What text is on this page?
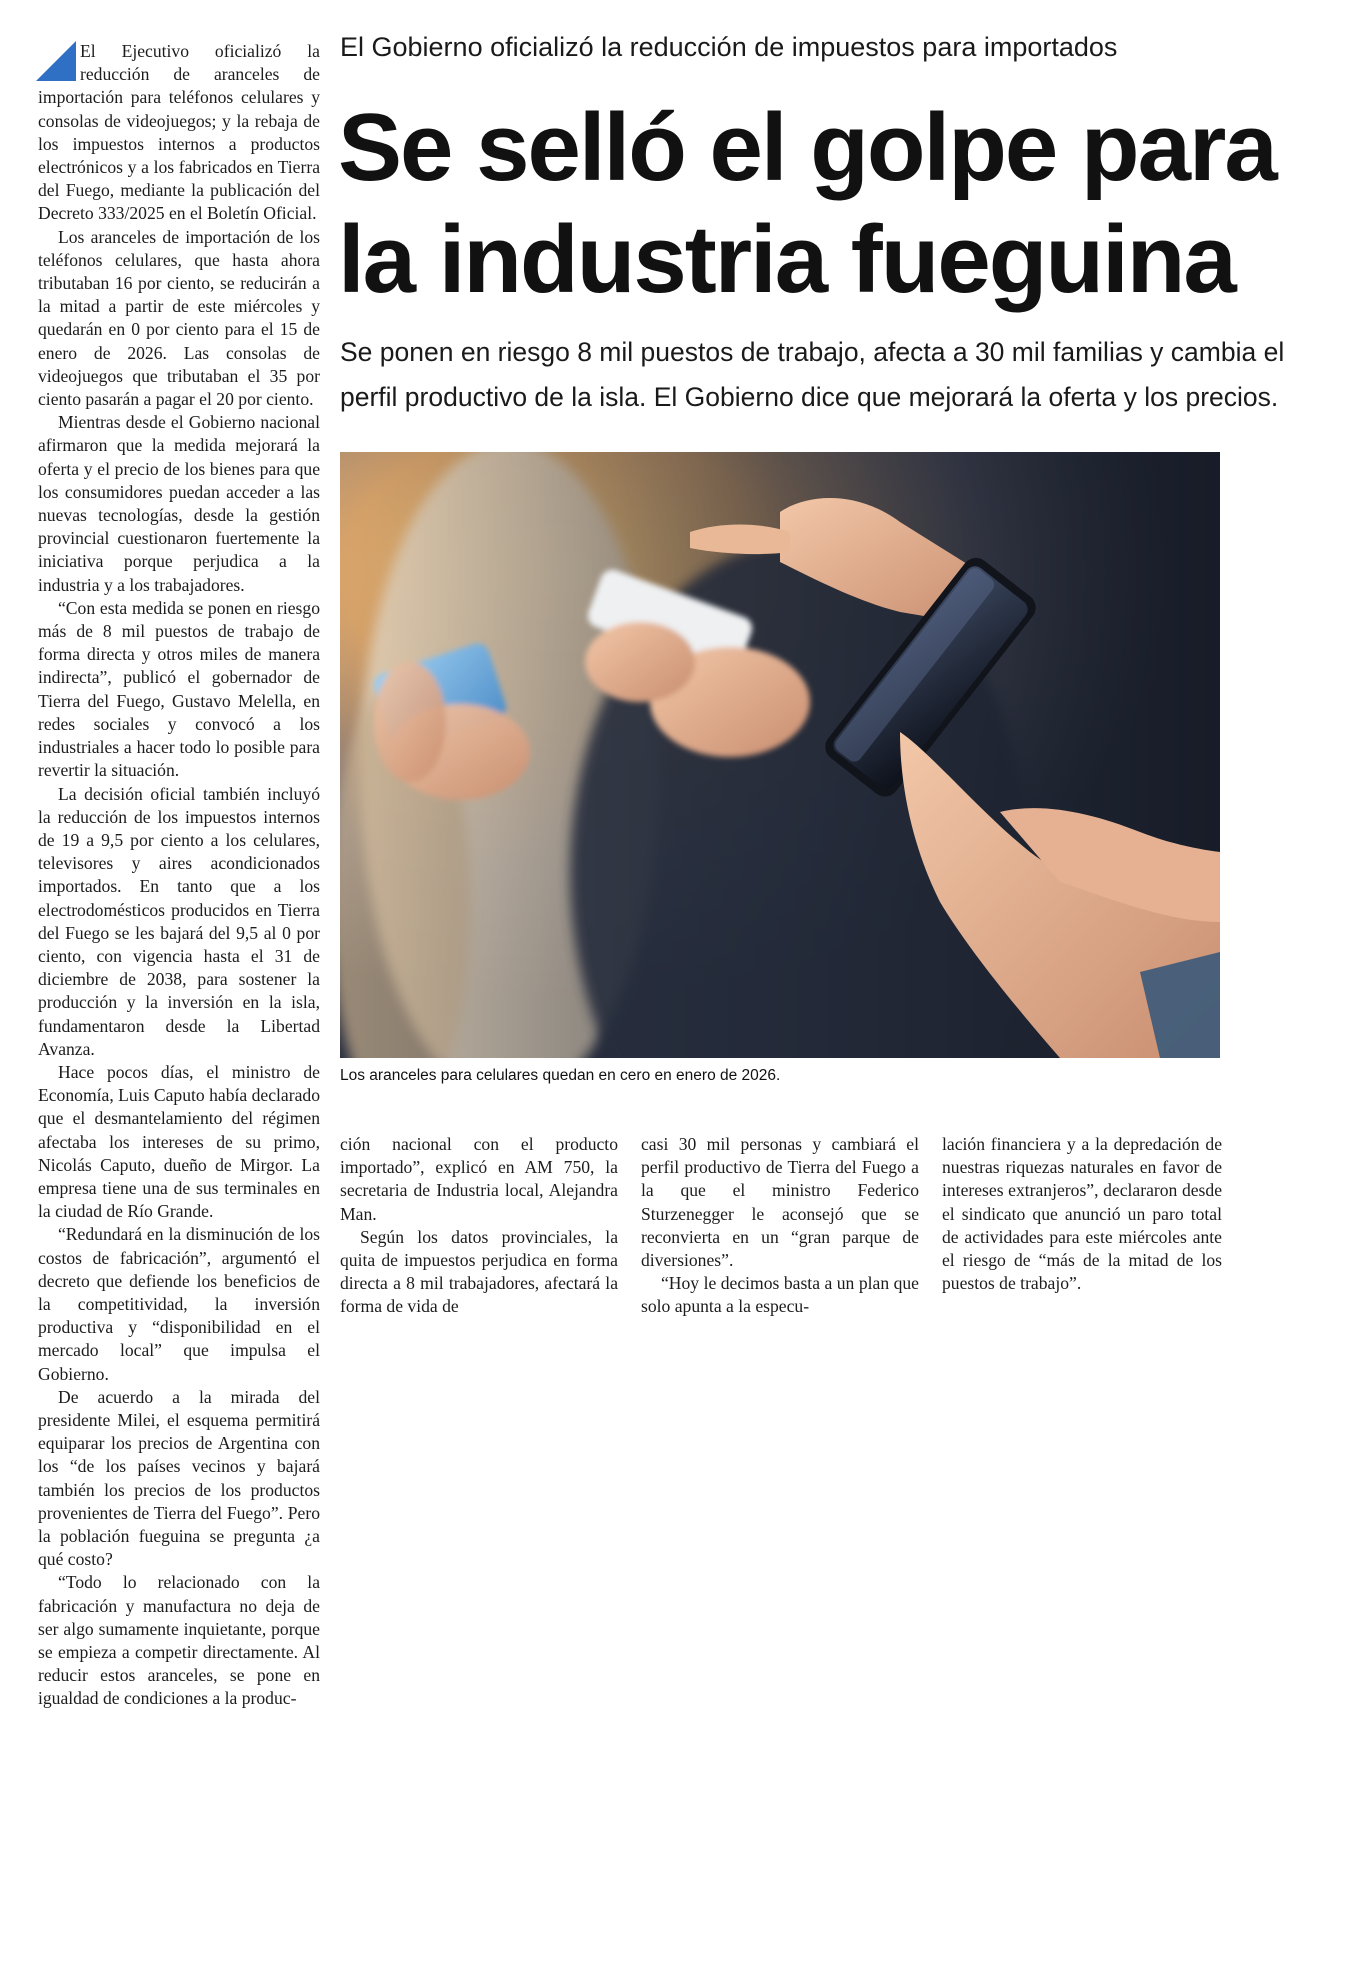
El Ejecutivo oficializó la reducción de aranceles de importación para teléfonos celulares y consolas de videojuegos; y la rebaja de los impuestos internos a productos electrónicos y a los fabricados en Tierra del Fuego, mediante la publicación del Decreto 333/2025 en el Boletín Oficial.

Los aranceles de importación de los teléfonos celulares, que hasta ahora tributaban 16 por ciento, se reducirán a la mitad a partir de este miércoles y quedarán en 0 por ciento para el 15 de enero de 2026. Las consolas de videojuegos que tributaban el 35 por ciento pasarán a pagar el 20 por ciento.

Mientras desde el Gobierno nacional afirmaron que la medida mejorará la oferta y el precio de los bienes para que los consumidores puedan acceder a las nuevas tecnologías, desde la gestión provincial cuestionaron fuertemente la iniciativa porque perjudica a la industria y a los trabajadores.

“Con esta medida se ponen en riesgo más de 8 mil puestos de trabajo de forma directa y otros miles de manera indirecta”, publicó el gobernador de Tierra del Fuego, Gustavo Melella, en redes sociales y convocó a los industriales a hacer todo lo posible para revertir la situación.

La decisión oficial también incluyó la reducción de los impuestos internos de 19 a 9,5 por ciento a los celulares, televisores y aires acondicionados importados. En tanto que a los electrodomésticos producidos en Tierra del Fuego se les bajará del 9,5 al 0 por ciento, con vigencia hasta el 31 de diciembre de 2038, para sostener la producción y la inversión en la isla, fundamentaron desde la Libertad Avanza.

Hace pocos días, el ministro de Economía, Luis Caputo había declarado que el desmantelamiento del régimen afectaba los intereses de su primo, Nicolás Caputo, dueño de Mirgor. La empresa tiene una de sus terminales en la ciudad de Río Grande.

“Redundará en la disminución de los costos de fabricación”, argumentó el decreto que defiende los beneficios de la competitividad, la inversión productiva y “disponibilidad en el mercado local” que impulsa el Gobierno.

De acuerdo a la mirada del presidente Milei, el esquema permitirá equiparar los precios de Argentina con los “de los países vecinos y bajará también los precios de los productos provenientes de Tierra del Fuego”. Pero la población fueguina se pregunta ¿a qué costo?

“Todo lo relacionado con la fabricación y manufactura no deja de ser algo sumamente inquietante, porque se empieza a competir directamente. Al reducir estos aranceles, se pone en igualdad de condiciones a la produc-

El Gobierno oficializó la reducción de impuestos para importados
Se selló el golpe para
la industria fueguina

Se ponen en riesgo 8 mil puestos de trabajo, afecta a 30 mil familias y cambia el perfil productivo de la isla. El Gobierno dice que mejorará la oferta y los precios.

Los aranceles para celulares quedan en cero en enero de 2026.

ción nacional con el producto importado”, explicó en AM 750, la secretaria de Industria local, Alejandra Man.

Según los datos provinciales, la quita de impuestos perjudica en forma directa a 8 mil trabajadores, afectará la forma de vida de

casi 30 mil personas y cambiará el perfil productivo de Tierra del Fuego a la que el ministro Federico Sturzenegger le aconsejó que se reconvierta en un “gran parque de diversiones”.

“Hoy le decimos basta a un plan que solo apunta a la especu-

lación financiera y a la depredación de nuestras riquezas naturales en favor de intereses extranjeros”, declararon desde el sindicato que anunció un paro total de actividades para este miércoles ante el riesgo de “más de la mitad de los puestos de trabajo”.
